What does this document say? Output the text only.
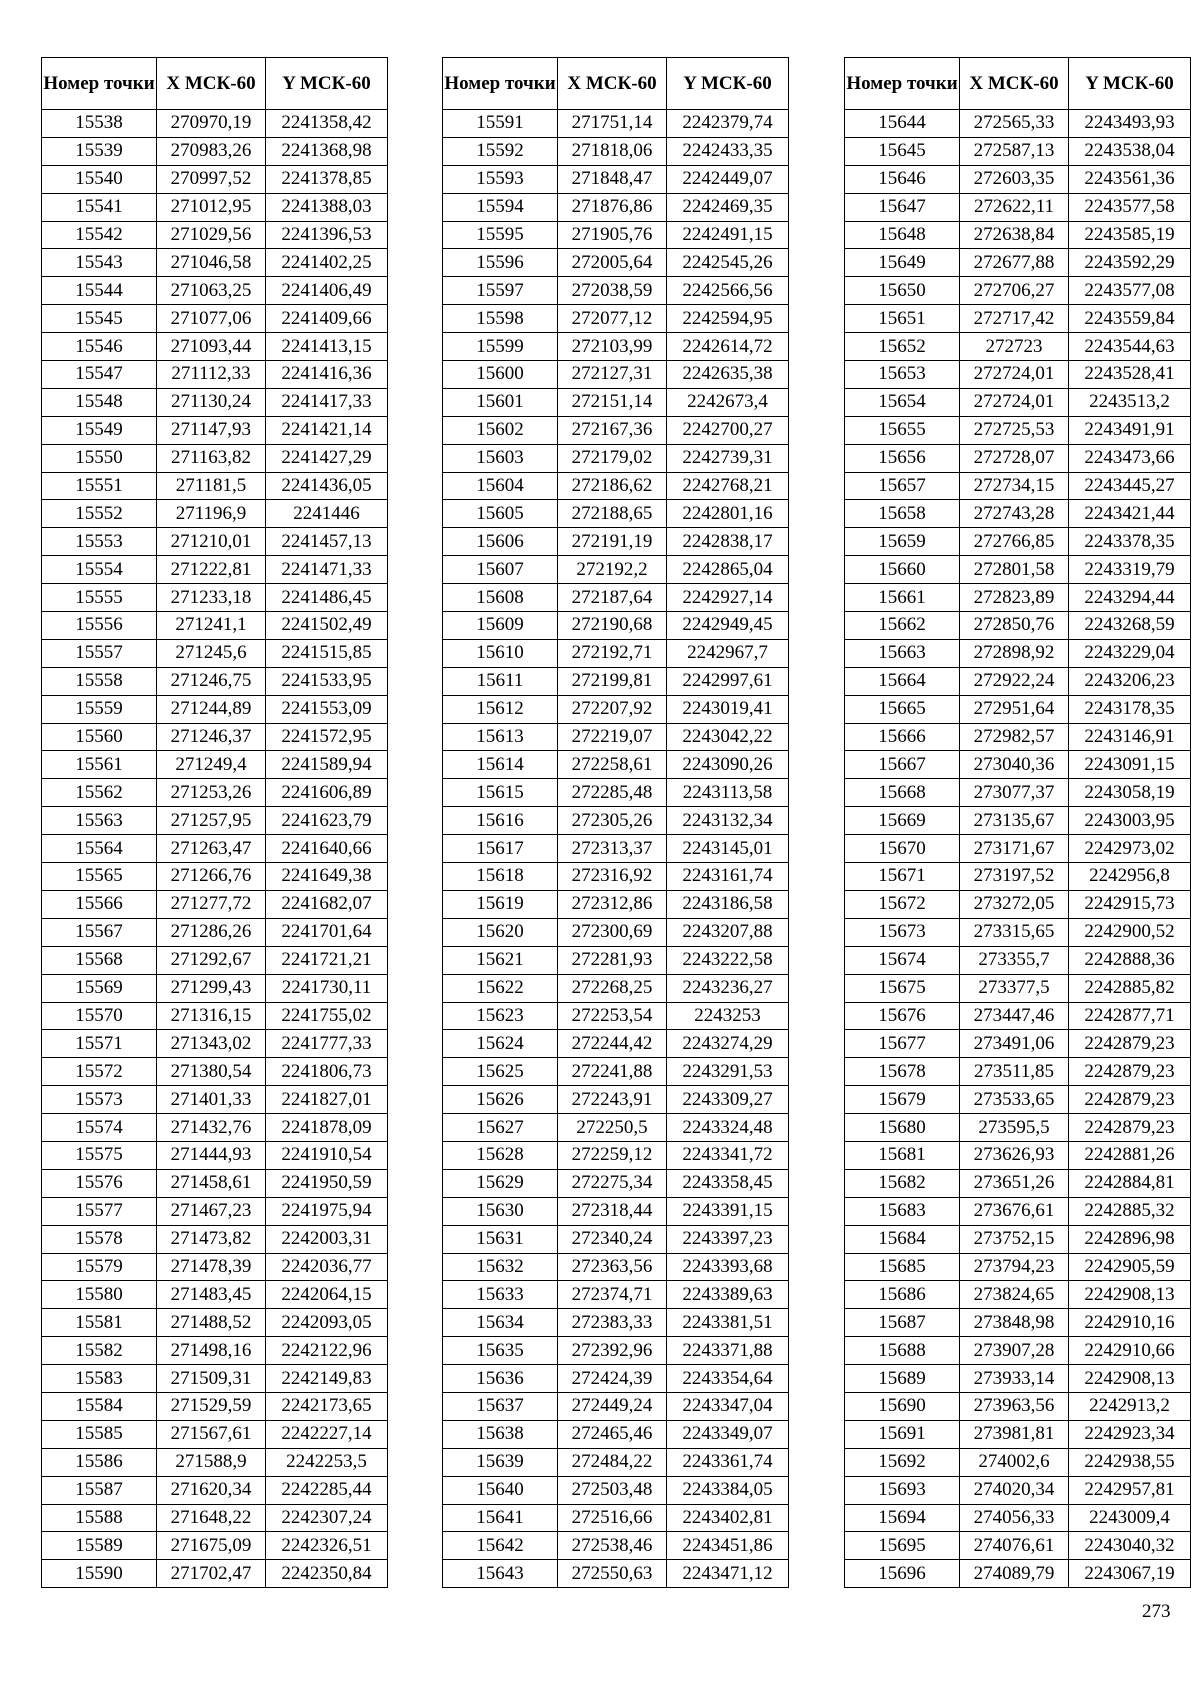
Номер точки	X МСК-60	Y МСК-60
15538	270970,19	2241358,42
15539	270983,26	2241368,98
15540	270997,52	2241378,85
15541	271012,95	2241388,03
15542	271029,56	2241396,53
15543	271046,58	2241402,25
15544	271063,25	2241406,49
15545	271077,06	2241409,66
15546	271093,44	2241413,15
15547	271112,33	2241416,36
15548	271130,24	2241417,33
15549	271147,93	2241421,14
15550	271163,82	2241427,29
15551	271181,5	2241436,05
15552	271196,9	2241446
15553	271210,01	2241457,13
15554	271222,81	2241471,33
15555	271233,18	2241486,45
15556	271241,1	2241502,49
15557	271245,6	2241515,85
15558	271246,75	2241533,95
15559	271244,89	2241553,09
15560	271246,37	2241572,95
15561	271249,4	2241589,94
15562	271253,26	2241606,89
15563	271257,95	2241623,79
15564	271263,47	2241640,66
15565	271266,76	2241649,38
15566	271277,72	2241682,07
15567	271286,26	2241701,64
15568	271292,67	2241721,21
15569	271299,43	2241730,11
15570	271316,15	2241755,02
15571	271343,02	2241777,33
15572	271380,54	2241806,73
15573	271401,33	2241827,01
15574	271432,76	2241878,09
15575	271444,93	2241910,54
15576	271458,61	2241950,59
15577	271467,23	2241975,94
15578	271473,82	2242003,31
15579	271478,39	2242036,77
15580	271483,45	2242064,15
15581	271488,52	2242093,05
15582	271498,16	2242122,96
15583	271509,31	2242149,83
15584	271529,59	2242173,65
15585	271567,61	2242227,14
15586	271588,9	2242253,5
15587	271620,34	2242285,44
15588	271648,22	2242307,24
15589	271675,09	2242326,51
15590	271702,47	2242350,84
Номер точки	X МСК-60	Y МСК-60
15591	271751,14	2242379,74
15592	271818,06	2242433,35
15593	271848,47	2242449,07
15594	271876,86	2242469,35
15595	271905,76	2242491,15
15596	272005,64	2242545,26
15597	272038,59	2242566,56
15598	272077,12	2242594,95
15599	272103,99	2242614,72
15600	272127,31	2242635,38
15601	272151,14	2242673,4
15602	272167,36	2242700,27
15603	272179,02	2242739,31
15604	272186,62	2242768,21
15605	272188,65	2242801,16
15606	272191,19	2242838,17
15607	272192,2	2242865,04
15608	272187,64	2242927,14
15609	272190,68	2242949,45
15610	272192,71	2242967,7
15611	272199,81	2242997,61
15612	272207,92	2243019,41
15613	272219,07	2243042,22
15614	272258,61	2243090,26
15615	272285,48	2243113,58
15616	272305,26	2243132,34
15617	272313,37	2243145,01
15618	272316,92	2243161,74
15619	272312,86	2243186,58
15620	272300,69	2243207,88
15621	272281,93	2243222,58
15622	272268,25	2243236,27
15623	272253,54	2243253
15624	272244,42	2243274,29
15625	272241,88	2243291,53
15626	272243,91	2243309,27
15627	272250,5	2243324,48
15628	272259,12	2243341,72
15629	272275,34	2243358,45
15630	272318,44	2243391,15
15631	272340,24	2243397,23
15632	272363,56	2243393,68
15633	272374,71	2243389,63
15634	272383,33	2243381,51
15635	272392,96	2243371,88
15636	272424,39	2243354,64
15637	272449,24	2243347,04
15638	272465,46	2243349,07
15639	272484,22	2243361,74
15640	272503,48	2243384,05
15641	272516,66	2243402,81
15642	272538,46	2243451,86
15643	272550,63	2243471,12
Номер точки	X МСК-60	Y МСК-60
15644	272565,33	2243493,93
15645	272587,13	2243538,04
15646	272603,35	2243561,36
15647	272622,11	2243577,58
15648	272638,84	2243585,19
15649	272677,88	2243592,29
15650	272706,27	2243577,08
15651	272717,42	2243559,84
15652	272723	2243544,63
15653	272724,01	2243528,41
15654	272724,01	2243513,2
15655	272725,53	2243491,91
15656	272728,07	2243473,66
15657	272734,15	2243445,27
15658	272743,28	2243421,44
15659	272766,85	2243378,35
15660	272801,58	2243319,79
15661	272823,89	2243294,44
15662	272850,76	2243268,59
15663	272898,92	2243229,04
15664	272922,24	2243206,23
15665	272951,64	2243178,35
15666	272982,57	2243146,91
15667	273040,36	2243091,15
15668	273077,37	2243058,19
15669	273135,67	2243003,95
15670	273171,67	2242973,02
15671	273197,52	2242956,8
15672	273272,05	2242915,73
15673	273315,65	2242900,52
15674	273355,7	2242888,36
15675	273377,5	2242885,82
15676	273447,46	2242877,71
15677	273491,06	2242879,23
15678	273511,85	2242879,23
15679	273533,65	2242879,23
15680	273595,5	2242879,23
15681	273626,93	2242881,26
15682	273651,26	2242884,81
15683	273676,61	2242885,32
15684	273752,15	2242896,98
15685	273794,23	2242905,59
15686	273824,65	2242908,13
15687	273848,98	2242910,16
15688	273907,28	2242910,66
15689	273933,14	2242908,13
15690	273963,56	2242913,2
15691	273981,81	2242923,34
15692	274002,6	2242938,55
15693	274020,34	2242957,81
15694	274056,33	2243009,4
15695	274076,61	2243040,32
15696	274089,79	2243067,19
273
